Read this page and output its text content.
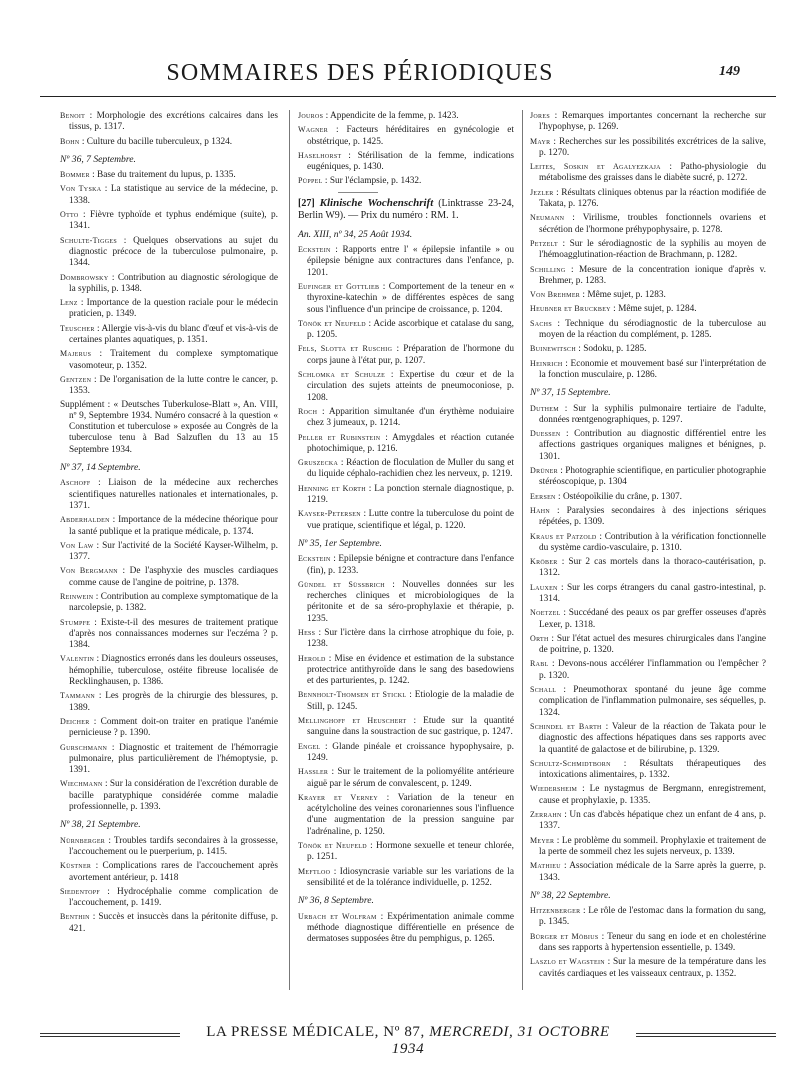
SOMMAIRES DES PÉRIODIQUES	149
Benoit : Morphologie des excrétions calcaires dans les tissus, p. 1317.
Bohn : Culture du bacille tuberculeux, p 1324.
Nº 36, 7 Septembre.
Bommer : Base du traitement du lupus, p. 1335.
Von Tyska : La statistique au service de la médecine, p. 1338.
Otto : Fièvre typhoïde et typhus endémique (suite), p. 1341.
Schulte-Tigges : Quelques observations au sujet du diagnostic précoce de la tuberculose pulmonaire, p. 1344.
Dombrowsky : Contribution au diagnostic sérologique de la syphilis, p. 1348.
Lenz : Importance de la question raciale pour le médecin praticien, p. 1349.
Teuscher : Allergie vis-à-vis du blanc d'œuf et vis-à-vis de certaines plantes aquatiques, p. 1351.
Majerus : Traitement du complexe symptomatique vasomoteur, p. 1352.
Gentzen : De l'organisation de la lutte contre le cancer, p. 1353.
Supplément : « Deutsches Tuberkulose-Blatt », An. VIII, nº 9, Septembre 1934. Numéro consacré à la question « Constitution et tuberculose » exposée au Congrès de la tuberculose tenu à Bad Salzuflen du 13 au 15 Septembre 1934.
Nº 37, 14 Septembre.
Aschoff : Liaison de la médecine aux recherches scientifiques naturelles nationales et internationales, p. 1371.
Abderhalden : Importance de la médecine théorique pour la santé publique et la pratique médicale, p. 1374.
Von Law : Sur l'activité de la Société Kayser-Wilhelm, p. 1377.
Von Bergmann : De l'asphyxie des muscles cardiaques comme cause de l'angine de poitrine, p. 1378.
Reinwein : Contribution au complexe symptomatique de la narcolepsie, p. 1382.
Stumpfe : Existe-t-il des mesures de traitement pratique d'après nos connaissances modernes sur l'eczéma ? p. 1384.
Valentin : Diagnostics erronés dans les douleurs osseuses, hémophilie, tuberculose, ostéite fibreuse localisée de Recklinghausen, p. 1386.
Tammann : Les progrès de la chirurgie des blessures, p. 1389.
Deicher : Comment doit-on traiter en pratique l'anémie pernicieuse ? p. 1390.
Gurschmann : Diagnostic et traitement de l'hémorragie pulmonaire, plus particulièrement de l'hémoptysie, p. 1391.
Wiechmann : Sur la considération de l'excrétion durable de bacille paratyphique considérée comme maladie professionnelle, p. 1393.
Nº 38, 21 Septembre.
Nürnberger : Troubles tardifs secondaires à la grossesse, l'accouchement ou le puerperium, p. 1415.
Küstner : Complications rares de l'accouchement après avortement antérieur, p. 1418
Siedentopf : Hydrocéphalie comme complication de l'accouchement, p. 1419.
Benthin : Succès et insuccès dans la péritonite diffuse, p. 421.
Jouros : Appendicite de la femme, p. 1423.
Wagner : Facteurs héréditaires en gynécologie et obstétrique, p. 1425.
Haselhorst : Stérilisation de la femme, indications eugéniques, p. 1430.
Püppel : Sur l'éclampsie, p. 1432.
[27] Klinische Wochenschrift (Linktrasse 23-24, Berlin W9). — Prix du numéro : RM. 1.
An. XIII, nº 34, 25 Août 1934.
Eckstein : Rapports entre l' « épilepsie infantile » ou épilepsie bénigne aux contractures dans l'enfance, p. 1201.
Eufinger et Gottlieb : Comportement de la teneur en « thyroxine-katechin » de différentes espèces de sang sous l'influence d'un principe de croissance, p. 1204.
Tönök et Neufeld : Acide ascorbique et catalase du sang, p. 1205.
Fels, Slotta et Ruschig : Préparation de l'hormone du corps jaune à l'état pur, p. 1207.
Schlomka et Schulze : Expertise du cœur et de la circulation des sujets atteints de pneumoconiose, p. 1208.
Roch : Apparition simultanée d'un érythème noduiaire chez 3 jumeaux, p. 1214.
Peller et Rubinstein : Amygdales et réaction cutanée photochimique, p. 1216.
Gruszecka : Réaction de floculation de Muller du sang et du liquide céphalo-rachidien chez les nerveux, p. 1219.
Henning et Korth : La ponction sternale diagnostique, p. 1219.
Kayser-Petersen : Lutte contre la tuberculose du point de vue pratique, scientifique et légal, p. 1220.
Nº 35, 1er Septembre.
Eckstein : Epilepsie bénigne et contracture dans l'enfance (fin), p. 1233.
Gündel et Süssbrich : Nouvelles données sur les recherches cliniques et microbiologiques de la péritonite et de sa séro-prophylaxie et thérapie, p. 1235.
Hess : Sur l'ictère dans la cirrhose atrophique du foie, p. 1238.
Herold : Mise en évidence et estimation de la substance protectrice antithyroïde dans le sang des basedowiens et des parturientes, p. 1242.
Bennholt-Thomsen et Stickl : Etiologie de la maladie de Still, p. 1245.
Mellinghoff et Heuschert : Etude sur la quantité sanguine dans la soustraction de suc gastrique, p. 1247.
Engel : Glande pinéale et croissance hypophysaire, p. 1249.
Hassler : Sur le traitement de la poliomyélite antérieure aiguë par le sérum de convalescent, p. 1249.
Krayer et Verney : Variation de la teneur en acétylcholine des veines coronariennes sous l'influence d'une augmentation de la pression sanguine par l'adrénaline, p. 1250.
Tönök et Neufeld : Hormone sexuelle et teneur chlorée, p. 1251.
Meftloo : Idiosyncrasie variable sur les variations de la sensibilité et de la tolérance individuelle, p. 1252.
Nº 36, 8 Septembre.
Urbach et Wolfram : Expérimentation animale comme méthode diagnostique différentielle en présence de dermatoses supposées être du pemphigus, p. 1265.
Jores : Remarques importantes concernant la recherche sur l'hypophyse, p. 1269.
Mayr : Recherches sur les possibilités excrétrices de la salive, p. 1270.
Leites, Soskin et Agalyezkaja : Patho-physiologie du métabolisme des graisses dans le diabète sucré, p. 1272.
Jezler : Résultats cliniques obtenus par la réaction modifiée de Takata, p. 1276.
Neumann : Virilisme, troubles fonctionnels ovariens et sécrétion de l'hormone préhypophysaire, p. 1278.
Petzelt : Sur le sérodiagnostic de la syphilis au moyen de l'hémoagglutination-réaction de Brachmann, p. 1282.
Schilling : Mesure de la concentration ionique d'après v. Brehmer, p. 1283.
Von Brehmer : Même sujet, p. 1283.
Heubner et Bruckbey : Même sujet, p. 1284.
Sachs : Technique du sérodiagnostic de la tuberculose au moyen de la réaction du complément, p. 1285.
Buinewitsch : Sodoku, p. 1285.
Heinrich : Economie et mouvement basé sur l'interprétation de la fonction musculaire, p. 1286.
Nº 37, 15 Septembre.
Duthem : Sur la syphilis pulmonaire tertiaire de l'adulte, données rœntgenographiques, p. 1297.
Duessen : Contribution au diagnostic différentiel entre les affections gastriques organiques malignes et bénignes, p. 1301.
Drüner : Photographie scientifique, en particulier photographie stéréoscopique, p. 1304
Eersen : Ostéopoïkilie du crâne, p. 1307.
Hahn : Paralysies secondaires à des injections sériques répétées, p. 1309.
Kraus et Patzold : Contribution à la vérification fonctionnelle du système cardio-vasculaire, p. 1310.
Kröber : Sur 2 cas mortels dans la thoraco-cautérisation, p. 1312.
Lauxen : Sur les corps étrangers du canal gastro-intestinal, p. 1314.
Noetzel : Succédané des peaux os par greffer osseuses d'après Lexer, p. 1318.
Orth : Sur l'état actuel des mesures chirurgicales dans l'angine de poitrine, p. 1320.
Rabl : Devons-nous accélérer l'inflammation ou l'empêcher ? p. 1320.
Schall : Pneumothorax spontané du jeune âge comme complication de l'inflammation pulmonaire, ses séquelles, p. 1324.
Schindel et Barth : Valeur de la réaction de Takata pour le diagnostic des affections hépatiques dans ses rapports avec la quantité de galactose et de bilirubine, p. 1329.
Schultz-Schmidtborn : Résultats thérapeutiques des intoxications alimentaires, p. 1332.
Wiedersheim : Le nystagmus de Bergmann, enregistrement, cause et prophylaxie, p. 1335.
Zerrahn : Un cas d'abcès hépatique chez un enfant de 4 ans, p. 1337.
Meyer : Le problème du sommeil. Prophylaxie et traitement de la perte de sommeil chez les sujets nerveux, p. 1339.
Mathieu : Association médicale de la Sarre après la guerre, p. 1343.
Nº 38, 22 Septembre.
Hitzenberger : Le rôle de l'estomac dans la formation du sang, p. 1345.
Bürger et Möbius : Teneur du sang en iode et en cholestérine dans ses rapports à hypertension essentielle, p. 1349.
Laszlo et Wagstein : Sur la mesure de la température dans les cavités cardiaques et les vaisseaux centraux, p. 1352.
LA PRESSE MÉDICALE, Nº 87, MERCREDI, 31 OCTOBRE 1934
